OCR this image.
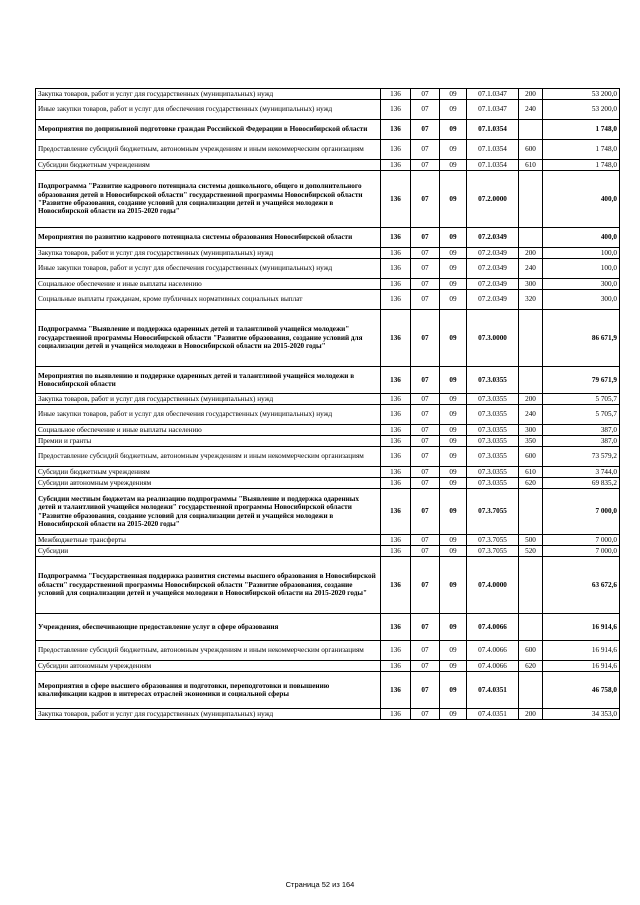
Закупка товаров, работ и услуг для государственных (муниципальных) нужд	136	07	09	07.1.0347	200	53 200,0
Иные закупки товаров, работ и услуг для обеспечения государственных (муниципальных) нужд	136	07	09	07.1.0347	240	53 200,0
Мероприятия по допризывной подготовке граждан Российской Федерации в Новосибирской области	136	07	09	07.1.0354		1 748,0
Предоставление субсидий бюджетным, автономным учреждениям и иным некоммерческим организациям	136	07	09	07.1.0354	600	1 748,0
Субсидии бюджетным учреждениям	136	07	09	07.1.0354	610	1 748,0
Подпрограмма "Развитие кадрового потенциала системы дошкольного, общего и дополнительного образования детей в Новосибирской области" государственной программы Новосибирской области "Развитие образования, создание условий для социализации детей и учащейся молодежи в Новосибирской области на 2015-2020 годы"	136	07	09	07.2.0000		400,0
Мероприятия по развитию кадрового потенциала системы образования Новосибирской области	136	07	09	07.2.0349		400,0
Закупка товаров, работ и услуг для государственных (муниципальных) нужд	136	07	09	07.2.0349	200	100,0
Иные закупки товаров, работ и услуг для обеспечения государственных (муниципальных) нужд	136	07	09	07.2.0349	240	100,0
Социальное обеспечение и иные выплаты населению	136	07	09	07.2.0349	300	300,0
Социальные выплаты гражданам, кроме публичных нормативных социальных выплат	136	07	09	07.2.0349	320	300,0
Подпрограмма "Выявление и поддержка одаренных детей и талантливой учащейся молодежи" государственной программы Новосибирской области "Развитие образования, создание условий для социализации детей и учащейся молодежи в Новосибирской области на 2015-2020 годы"	136	07	09	07.3.0000		86 671,9
Мероприятия по выявлению и поддержке одаренных детей и талантливой учащейся молодежи в Новосибирской области	136	07	09	07.3.0355		79 671,9
Закупка товаров, работ и услуг для государственных (муниципальных) нужд	136	07	09	07.3.0355	200	5 705,7
Иные закупки товаров, работ и услуг для обеспечения государственных (муниципальных) нужд	136	07	09	07.3.0355	240	5 705,7
Социальное обеспечение и иные выплаты населению	136	07	09	07.3.0355	300	387,0
Премии и гранты	136	07	09	07.3.0355	350	387,0
Предоставление субсидий бюджетным, автономным учреждениям и иным некоммерческим организациям	136	07	09	07.3.0355	600	73 579,2
Субсидии бюджетным учреждениям	136	07	09	07.3.0355	610	3 744,0
Субсидии автономным учреждениям	136	07	09	07.3.0355	620	69 835,2
Субсидии местным бюджетам на реализацию подпрограммы "Выявление и поддержка одаренных детей и талантливой учащейся молодежи" государственной программы Новосибирской области "Развитие образования, создание условий для социализации детей и учащейся молодежи в Новосибирской области на 2015-2020 годы"	136	07	09	07.3.7055		7 000,0
Межбюджетные трансферты	136	07	09	07.3.7055	500	7 000,0
Субсидии	136	07	09	07.3.7055	520	7 000,0
Подпрограмма "Государственная поддержка развития системы высшего образования в Новосибирской области" государственной программы Новосибирской области "Развитие образования, создание условий для социализации детей и учащейся молодежи в Новосибирской области на 2015-2020 годы"	136	07	09	07.4.0000		63 672,6
Учреждения, обеспечивающие предоставление услуг в сфере образования	136	07	09	07.4.0066		16 914,6
Предоставление субсидий бюджетным, автономным учреждениям и иным некоммерческим организациям	136	07	09	07.4.0066	600	16 914,6
Субсидии автономным учреждениям	136	07	09	07.4.0066	620	16 914,6
Мероприятия в сфере высшего образования и подготовки, переподготовки и повышению квалификации кадров в интересах отраслей экономики и социальной сферы	136	07	09	07.4.0351		46 758,0
Закупка товаров, работ и услуг для государственных (муниципальных) нужд	136	07	09	07.4.0351	200	34 353,0
Страница 52 из 164
